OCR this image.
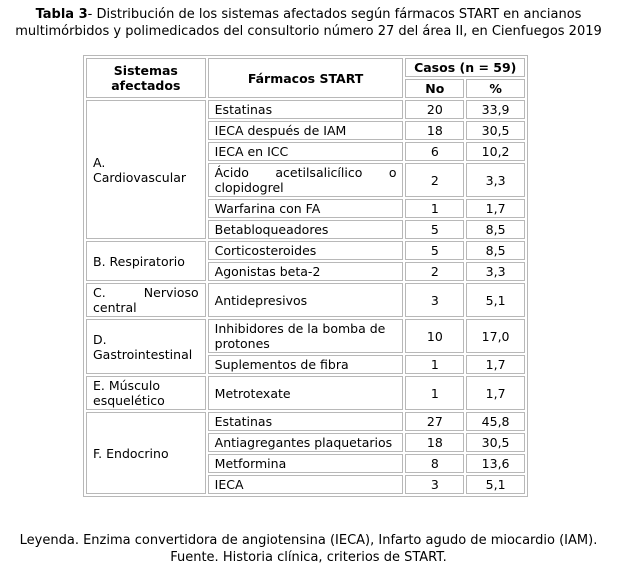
Tabla 3- Distribución de los sistemas afectados según fármacos START en ancianos multimórbidos y polimedicados del consultorio número 27 del área II, en Cienfuegos 2019
Sistemas afectados	Fármacos START	Casos (n = 59)	
		No	%
A. Cardiovascular	Estatinas	20	33,9
	IECA después de IAM	18	30,5
	IECA en ICC	6	10,2
	Ácido acetilsalicílico o clopidogrel	2	3,3
	Warfarina con FA	1	1,7
	Betabloqueadores	5	8,5
B. Respiratorio	Corticosteroides	5	8,5
	Agonistas beta-2	2	3,3
C. Nervioso central	Antidepresivos	3	5,1
D. Gastrointestinal	Inhibidores de la bomba de protones	10	17,0
	Suplementos de fibra	1	1,7
E. Músculo esquelético	Metrotexate	1	1,7
F. Endocrino	Estatinas	27	45,8
	Antiagregantes plaquetarios	18	30,5
	Metformina	8	13,6
	IECA	3	5,1
Leyenda. Enzima convertidora de angiotensina (IECA), Infarto agudo de miocardio (IAM).
Fuente. Historia clínica, criterios de START.
